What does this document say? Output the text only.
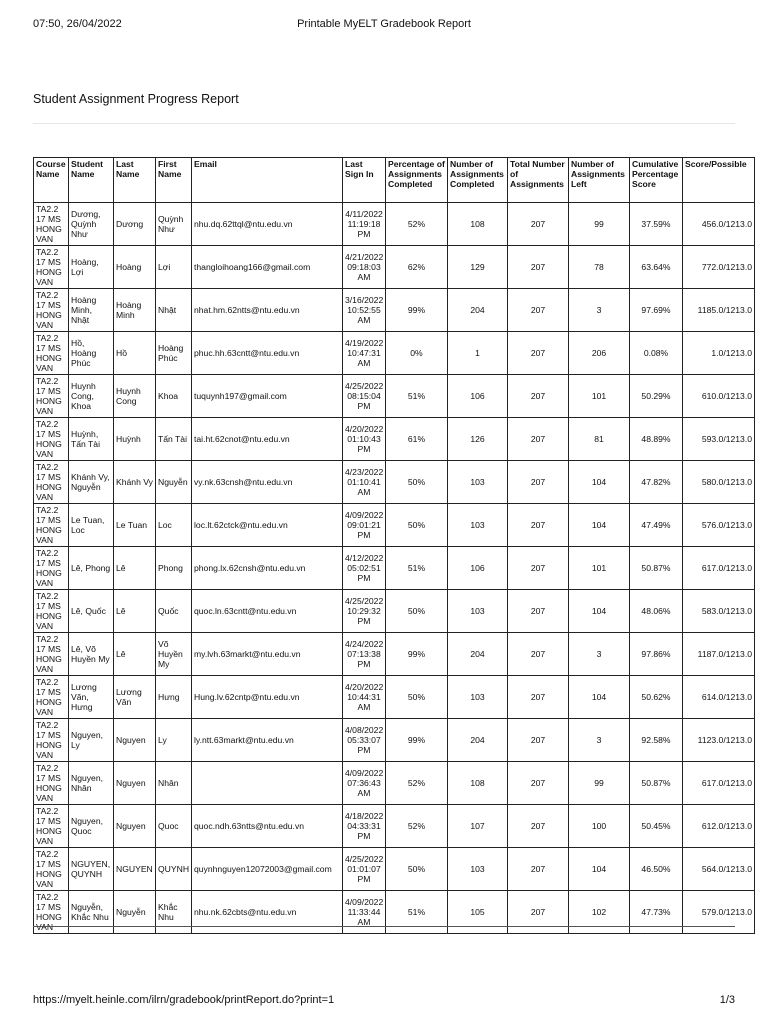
07:50, 26/04/2022	Printable MyELT Gradebook Report
Student Assignment Progress Report
Course Name	Student Name	Last Name	First Name	Email	Last Sign In	Percentage of Assignments Completed	Number of Assignments Completed	Total Number of Assignments	Number of Assignments Left	Cumulative Percentage Score	Score/Possible
TA2.2 17 MS HONG VAN	Dương, Quỳnh Như	Dương	Quỳnh Như	nhu.dq.62ttql@ntu.edu.vn	4/11/2022 11:19:18 PM	52%	108	207	99	37.59%	456.0/1213.0
TA2.2 17 MS HONG VAN	Hoàng, Lợi	Hoàng	Lợi	thangloihoang166@gmail.com	4/21/2022 09:18:03 AM	62%	129	207	78	63.64%	772.0/1213.0
TA2.2 17 MS HONG VAN	Hoàng Minh, Nhật	Hoàng Minh	Nhật	nhat.hm.62ntts@ntu.edu.vn	3/16/2022 10:52:55 AM	99%	204	207	3	97.69%	1185.0/1213.0
TA2.2 17 MS HONG VAN	Hồ, Hoàng Phúc	Hồ	Hoàng Phúc	phuc.hh.63cntt@ntu.edu.vn	4/19/2022 10:47:31 AM	0%	1	207	206	0.08%	1.0/1213.0
TA2.2 17 MS HONG VAN	Huynh Cong, Khoa	Huynh Cong	Khoa	tuquynh197@gmail.com	4/25/2022 08:15:04 PM	51%	106	207	101	50.29%	610.0/1213.0
TA2.2 17 MS HONG VAN	Huỳnh, Tấn Tài	Huỳnh	Tấn Tài	tai.ht.62cnot@ntu.edu.vn	4/20/2022 01:10:43 PM	61%	126	207	81	48.89%	593.0/1213.0
TA2.2 17 MS HONG VAN	Khánh Vy, Nguyễn	Khánh Vy	Nguyễn	vy.nk.63cnsh@ntu.edu.vn	4/23/2022 01:10:41 AM	50%	103	207	104	47.82%	580.0/1213.0
TA2.2 17 MS HONG VAN	Le Tuan, Loc	Le Tuan	Loc	loc.lt.62ctck@ntu.edu.vn	4/09/2022 09:01:21 PM	50%	103	207	104	47.49%	576.0/1213.0
TA2.2 17 MS HONG VAN	Lê, Phong	Lê	Phong	phong.lx.62cnsh@ntu.edu.vn	4/12/2022 05:02:51 PM	51%	106	207	101	50.87%	617.0/1213.0
TA2.2 17 MS HONG VAN	Lê, Quốc	Lê	Quốc	quoc.ln.63cntt@ntu.edu.vn	4/25/2022 10:29:32 PM	50%	103	207	104	48.06%	583.0/1213.0
TA2.2 17 MS HONG VAN	Lê, Võ Huyền My	Lê	Võ Huyền My	my.lvh.63markt@ntu.edu.vn	4/24/2022 07:13:38 PM	99%	204	207	3	97.86%	1187.0/1213.0
TA2.2 17 MS HONG VAN	Lương Văn, Hưng	Lương Văn	Hưng	Hung.lv.62cntp@ntu.edu.vn	4/20/2022 10:44:31 AM	50%	103	207	104	50.62%	614.0/1213.0
TA2.2 17 MS HONG VAN	Nguyen, Ly	Nguyen	Ly	ly.ntt.63markt@ntu.edu.vn	4/08/2022 05:33:07 PM	99%	204	207	3	92.58%	1123.0/1213.0
TA2.2 17 MS HONG VAN	Nguyen, Nhân	Nguyen	Nhân		4/09/2022 07:36:43 AM	52%	108	207	99	50.87%	617.0/1213.0
TA2.2 17 MS HONG VAN	Nguyen, Quoc	Nguyen	Quoc	quoc.ndh.63ntts@ntu.edu.vn	4/18/2022 04:33:31 PM	52%	107	207	100	50.45%	612.0/1213.0
TA2.2 17 MS HONG VAN	NGUYEN, QUYNH	NGUYEN	QUYNH	quynhnguyen12072003@gmail.com	4/25/2022 01:01:07 PM	50%	103	207	104	46.50%	564.0/1213.0
TA2.2 17 MS HONG VAN	Nguyễn, Khắc Nhu	Nguyễn	Khắc Nhu	nhu.nk.62cbts@ntu.edu.vn	4/09/2022 11:33:44 AM	51%	105	207	102	47.73%	579.0/1213.0
https://myelt.heinle.com/ilrn/gradebook/printReport.do?print=1	1/3
